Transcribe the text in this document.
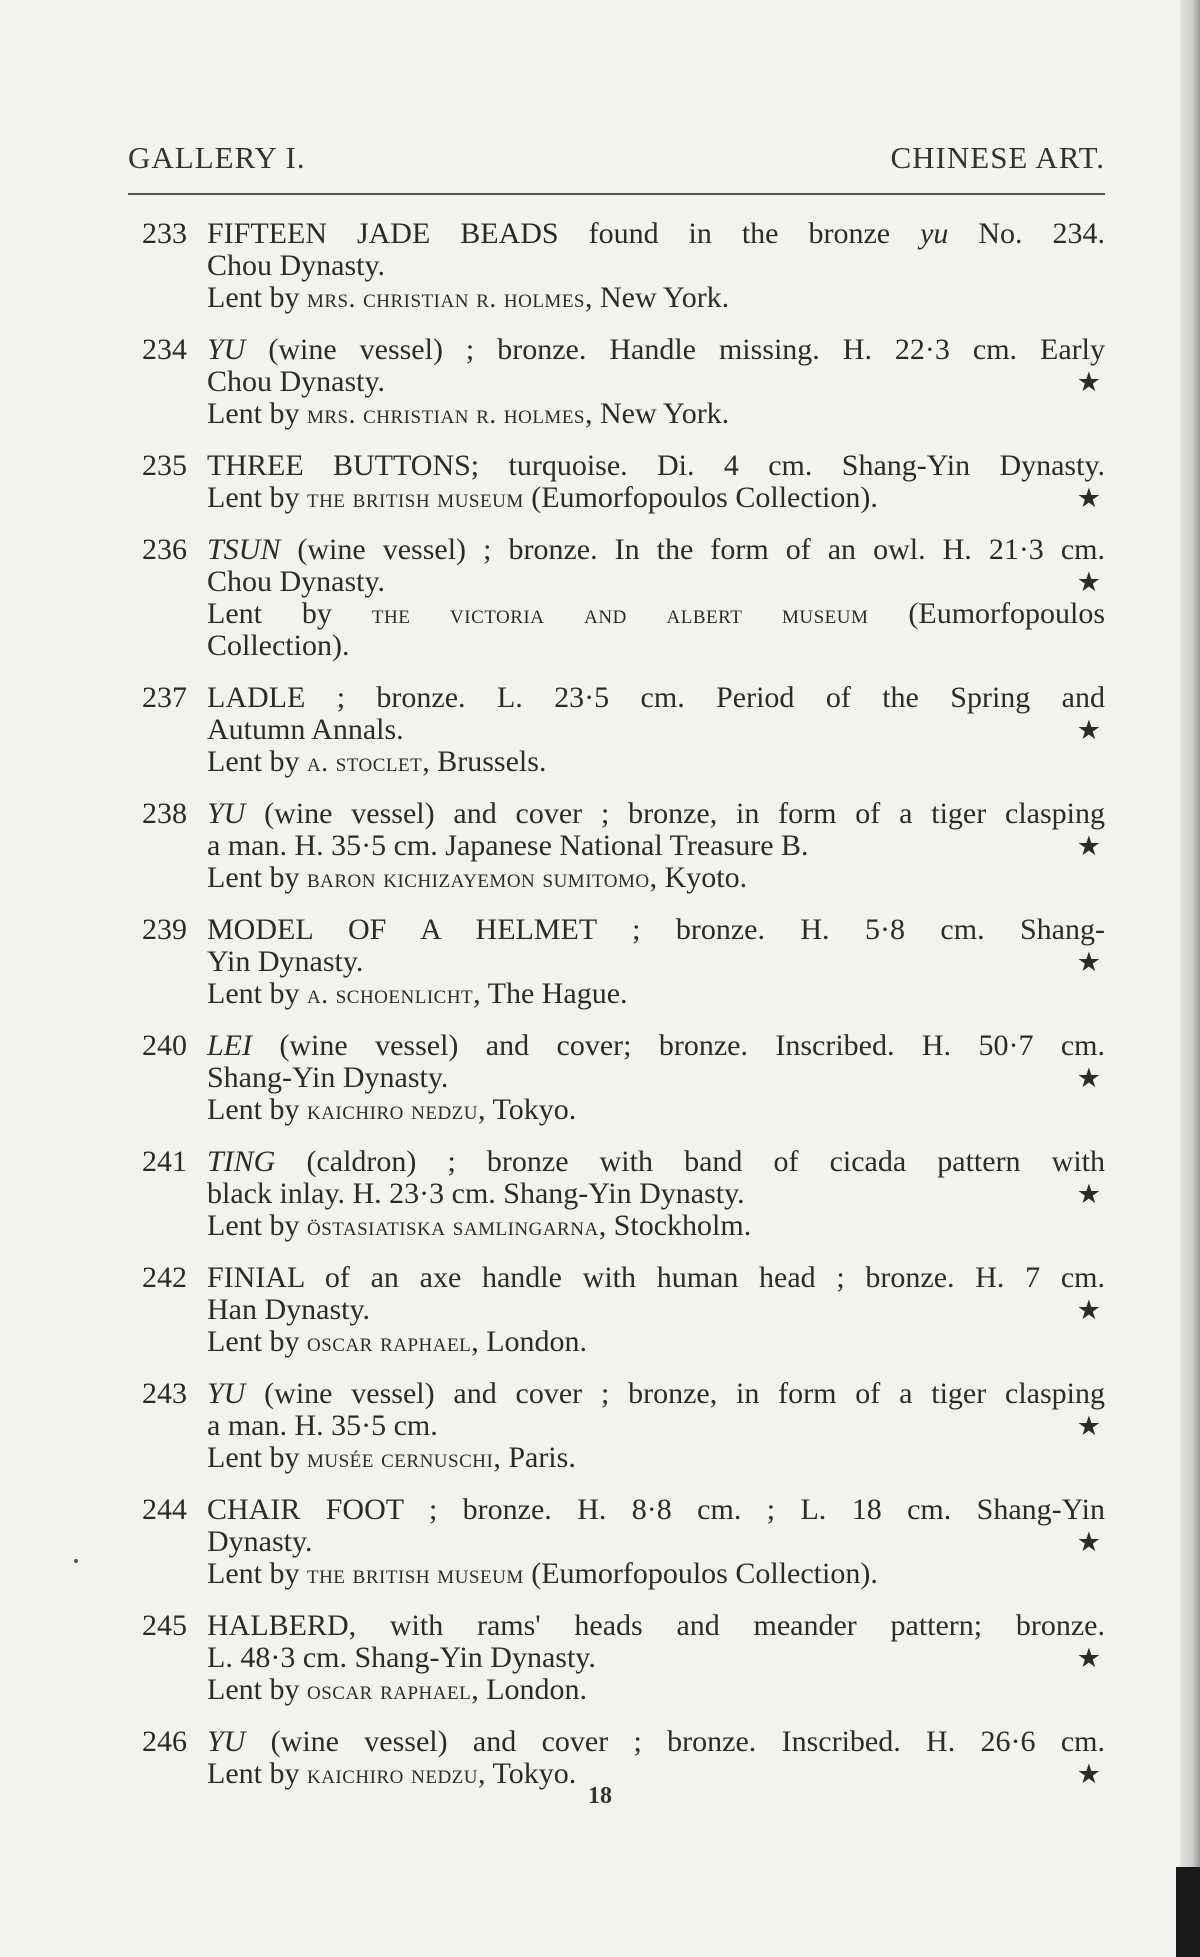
GALLERY I.	CHINESE ART.
233 FIFTEEN JADE BEADS found in the bronze yu No. 234.
Chou Dynasty.
Lent by mrs. christian r. holmes, New York.
234 YU (wine vessel) ; bronze. Handle missing. H. 22·3 cm. Early
Chou Dynasty.	★
Lent by mrs. christian r. holmes, New York.
235 THREE BUTTONS; turquoise. Di. 4 cm. Shang-Yin Dynasty.
Lent by the british museum (Eumorfopoulos Collection).	★
236 TSUN (wine vessel) ; bronze. In the form of an owl. H. 21·3 cm.
Chou Dynasty.	★
Lent by the victoria and albert museum (Eumorfopoulos
Collection).
237 LADLE ; bronze. L. 23·5 cm. Period of the Spring and
Autumn Annals.	★
Lent by a. stoclet, Brussels.
238 YU (wine vessel) and cover ; bronze, in form of a tiger clasping
a man. H. 35·5 cm. Japanese National Treasure B.	★
Lent by baron kichizayemon sumitomo, Kyoto.
239 MODEL OF A HELMET ; bronze. H. 5·8 cm. Shang-
Yin Dynasty.	★
Lent by a. schoenlicht, The Hague.
240 LEI (wine vessel) and cover; bronze. Inscribed. H. 50·7 cm.
Shang-Yin Dynasty.	★
Lent by kaichiro nedzu, Tokyo.
241 TING (caldron) ; bronze with band of cicada pattern with
black inlay. H. 23·3 cm. Shang-Yin Dynasty.	★
Lent by östasiatiska samlingarna, Stockholm.
242 FINIAL of an axe handle with human head ; bronze. H. 7 cm.
Han Dynasty.	★
Lent by oscar raphael, London.
243 YU (wine vessel) and cover ; bronze, in form of a tiger clasping
a man. H. 35·5 cm.	★
Lent by musée cernuschi, Paris.
244 CHAIR FOOT ; bronze. H. 8·8 cm. ; L. 18 cm. Shang-Yin
Dynasty.	★
Lent by the british museum (Eumorfopoulos Collection).
245 HALBERD, with rams' heads and meander pattern; bronze.
L. 48·3 cm. Shang-Yin Dynasty.	★
Lent by oscar raphael, London.
246 YU (wine vessel) and cover ; bronze. Inscribed. H. 26·6 cm.
Lent by kaichiro nedzu, Tokyo.	★
18
